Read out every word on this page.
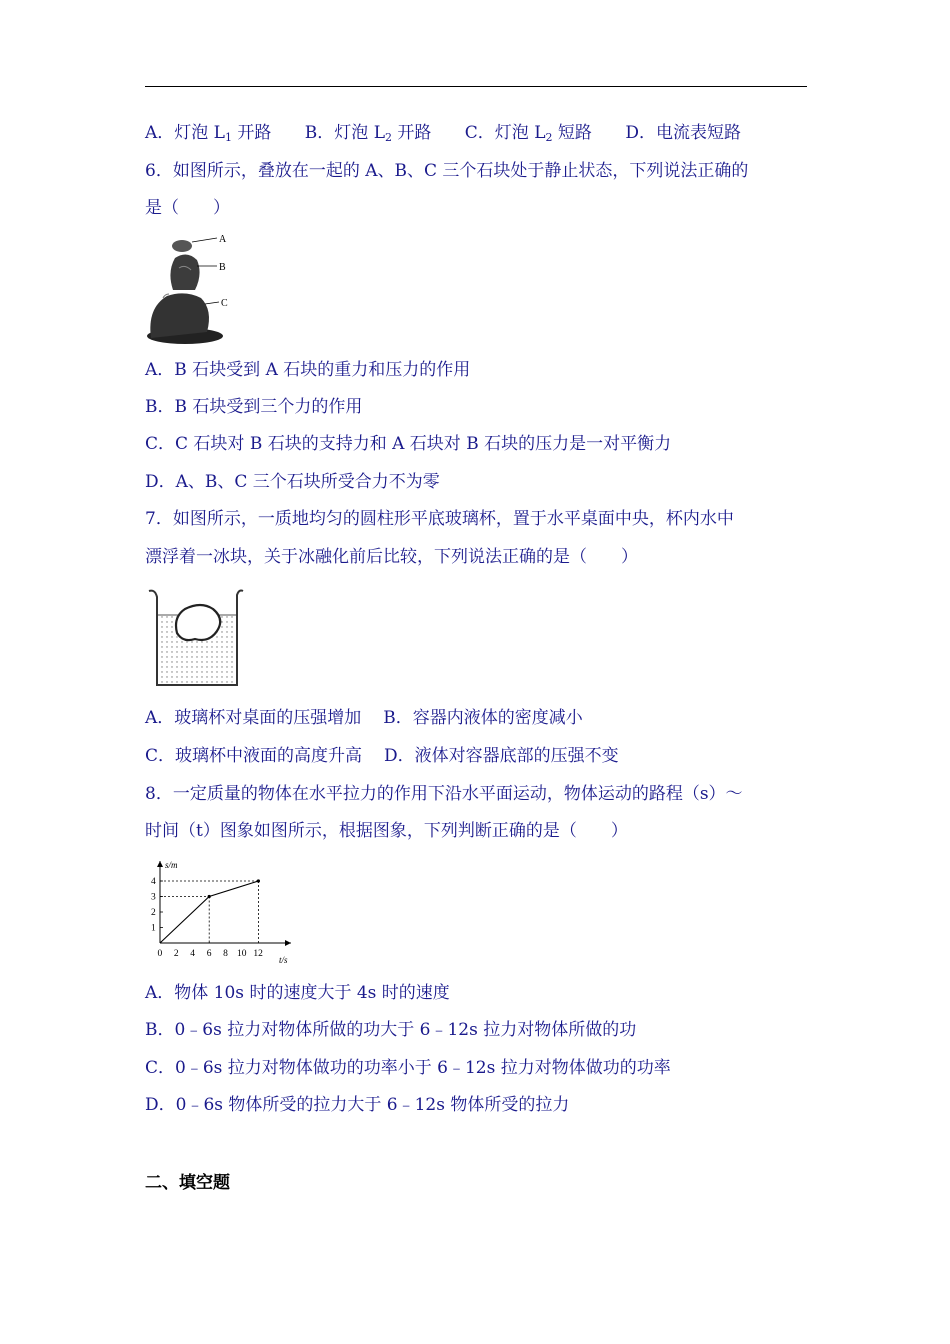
A．灯泡 $L_1$ 开路 B．灯泡 $L_2$ 开路 C．灯泡 $L_2$ 短路 D．电流表短路
6．如图所示，叠放在一起的 A、B、C 三个石块处于静止状态，下列说法正确的
是（　　）
A
B
C
A．B 石块受到 A 石块的重力和压力的作用
B．B 石块受到三个力的作用
C．C 石块对 B 石块的支持力和 A 石块对 B 石块的压力是一对平衡力
D．A、B、C 三个石块所受合力不为零
7．如图所示，一质地均匀的圆柱形平底玻璃杯，置于水平桌面中央，杯内水中
漂浮着一冰块，关于冰融化前后比较，下列说法正确的是（　　）
A．玻璃杯对桌面的压强增加 B．容器内液体的密度减小
C．玻璃杯中液面的高度升高 D．液体对容器底部的压强不变
8．一定质量的物体在水平拉力的作用下沿水平面运动，物体运动的路程（s）～
时间（t）图象如图所示，根据图象，下列判断正确的是（　　）
s/m
t/s
0 2 4 6 8 10 12
1
2
3
4
A．物体 10s 时的速度大于 4s 时的速度
B．0﹣6s 拉力对物体所做的功大于 6﹣12s 拉力对物体所做的功
C．0﹣6s 拉力对物体做功的功率小于 6﹣12s 拉力对物体做功的功率
D．0﹣6s 物体所受的拉力大于 6﹣12s 物体所受的拉力
二、填空题
